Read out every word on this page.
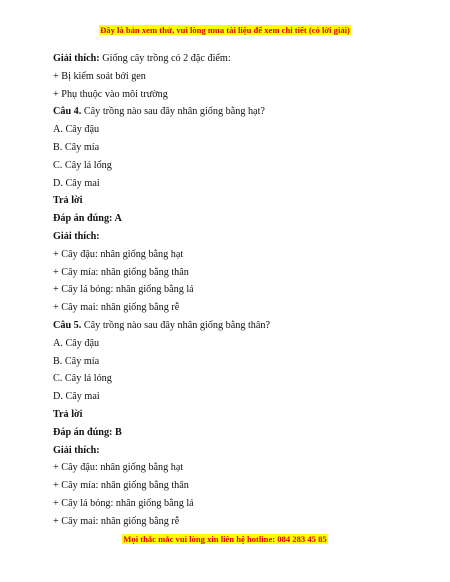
Đây là bản xem thử, vui lòng mua tài liệu để xem chi tiết (có lời giải)
Giải thích: Giống cây trồng có 2 đặc điểm:
+ Bị kiểm soát bởi gen
+ Phụ thuộc vào môi trường
Câu 4. Cây trồng nào sau đây nhân giống bằng hạt?
A. Cây đậu
B. Cây mía
C. Cây lá lổng
D. Cây mai
Trả lời
Đáp án đúng: A
Giải thích:
+ Cây đậu: nhân giống bằng hạt
+ Cây mía: nhân giống bằng thân
+ Cây lá bỏng: nhân giống bằng lá
+ Cây mai: nhân giống bằng rễ
Câu 5. Cây trồng nào sau đây nhân giống bằng thân?
A. Cây đậu
B. Cây mía
C. Cây lá lỏng
D. Cây mai
Trả lời
Đáp án đúng: B
Giải thích:
+ Cây đậu: nhân giống bằng hạt
+ Cây mía: nhân giống bằng thân
+ Cây lá bỏng: nhân giống bằng lá
+ Cây mai: nhân giống bằng rễ
Mọi thắc mắc vui lòng xin liên hệ hotline: 084 283 45 85
